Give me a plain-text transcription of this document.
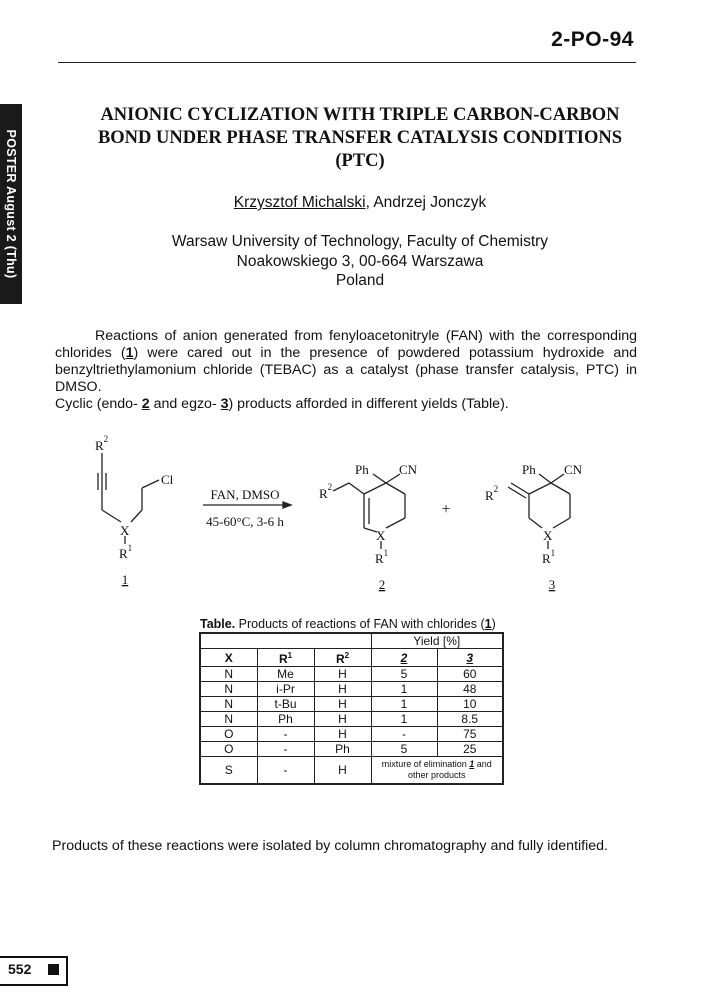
2-PO-94
POSTER August 2 (Thu)
ANIONIC CYCLIZATION WITH TRIPLE CARBON-CARBON
BOND UNDER PHASE TRANSFER CATALYSIS CONDITIONS
(PTC)
Krzysztof Michalski, Andrzej Jonczyk
Warsaw University of Technology, Faculty of Chemistry
Noakowskiego 3, 00-664 Warszawa
Poland
Reactions of anion generated from fenyloacetonitryle (FAN) with the corresponding chlorides (1) were cared out in the presence of powdered potassium hydroxide and benzyltriethylamonium chloride (TEBAC) as a catalyst (phase transfer catalysis, PTC) in DMSO.
Cyclic (endo- 2 and egzo- 3) products afforded in different yields (Table).
$R^2$
Cl
X
$R^1$
1
FAN, DMSO
45-60°C, 3-6 h
Ph CN
$R^2$
X
$R^1$
2
+
Ph CN
$R^2$
X
$R^1$
3
Table. Products of reactions of FAN with chlorides (1)
			Yield [%]	
X	$R^1$	$R^2$	2	3
N	Me	H	5	60
N	i-Pr	H	1	48
N	t-Bu	H	1	10
N	Ph	H	1	8.5
O	-	H	-	75
O	-	Ph	5	25
S	-	H	mixture of elimination 1 and other products	
Products of these reactions were isolated by column chromatography and fully identified.
552
